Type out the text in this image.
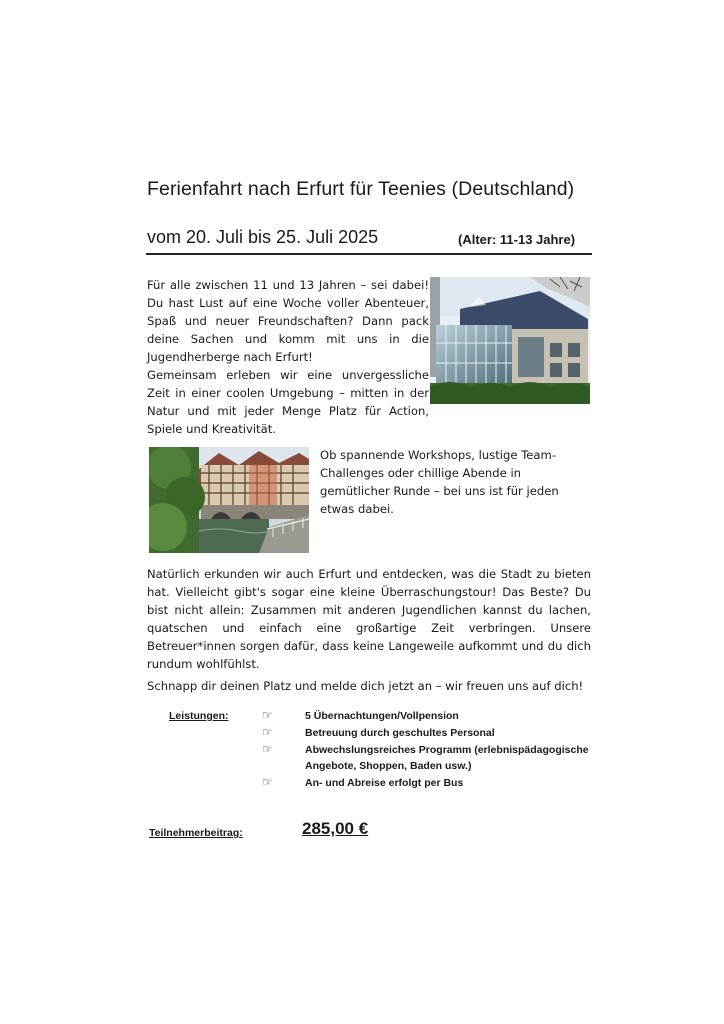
Ferienfahrt nach Erfurt für Teenies (Deutschland)
vom 20. Juli bis 25. Juli 2025	(Alter: 11-13 Jahre)

Für alle zwischen 11 und 13 Jahren – sei dabei! Du hast Lust auf eine Woche voller Abenteuer, Spaß und neuer Freundschaften? Dann pack deine Sachen und komm mit uns in die Jugendherberge nach Erfurt!

Gemeinsam erleben wir eine unvergessliche Zeit in einer coolen Umgebung – mitten in der Natur und mit jeder Menge Platz für Action, Spiele und Kreativität.

Ob spannende Workshops, lustige Team-Challenges oder chillige Abende in gemütlicher Runde – bei uns ist für jeden etwas dabei.

Natürlich erkunden wir auch Erfurt und entdecken, was die Stadt zu bieten hat. Vielleicht gibt's sogar eine kleine Überraschungstour! Das Beste? Du bist nicht allein: Zusammen mit anderen Jugendlichen kannst du lachen, quatschen und einfach eine großartige Zeit verbringen. Unsere Betreuer*innen sorgen dafür, dass keine Langeweile aufkommt und du dich rundum wohlfühlst.

Schnapp dir deinen Platz und melde dich jetzt an – wir freuen uns auf dich!

Leistungen:	☞	5 Übernachtungen/Vollpension
☞	Betreuung durch geschultes Personal
☞	Abwechslungsreiches Programm (erlebnispädagogische Angebote, Shoppen, Baden usw.)
☞	An- und Abreise erfolgt per Bus
Teilnehmerbeitrag:	285,00 €
